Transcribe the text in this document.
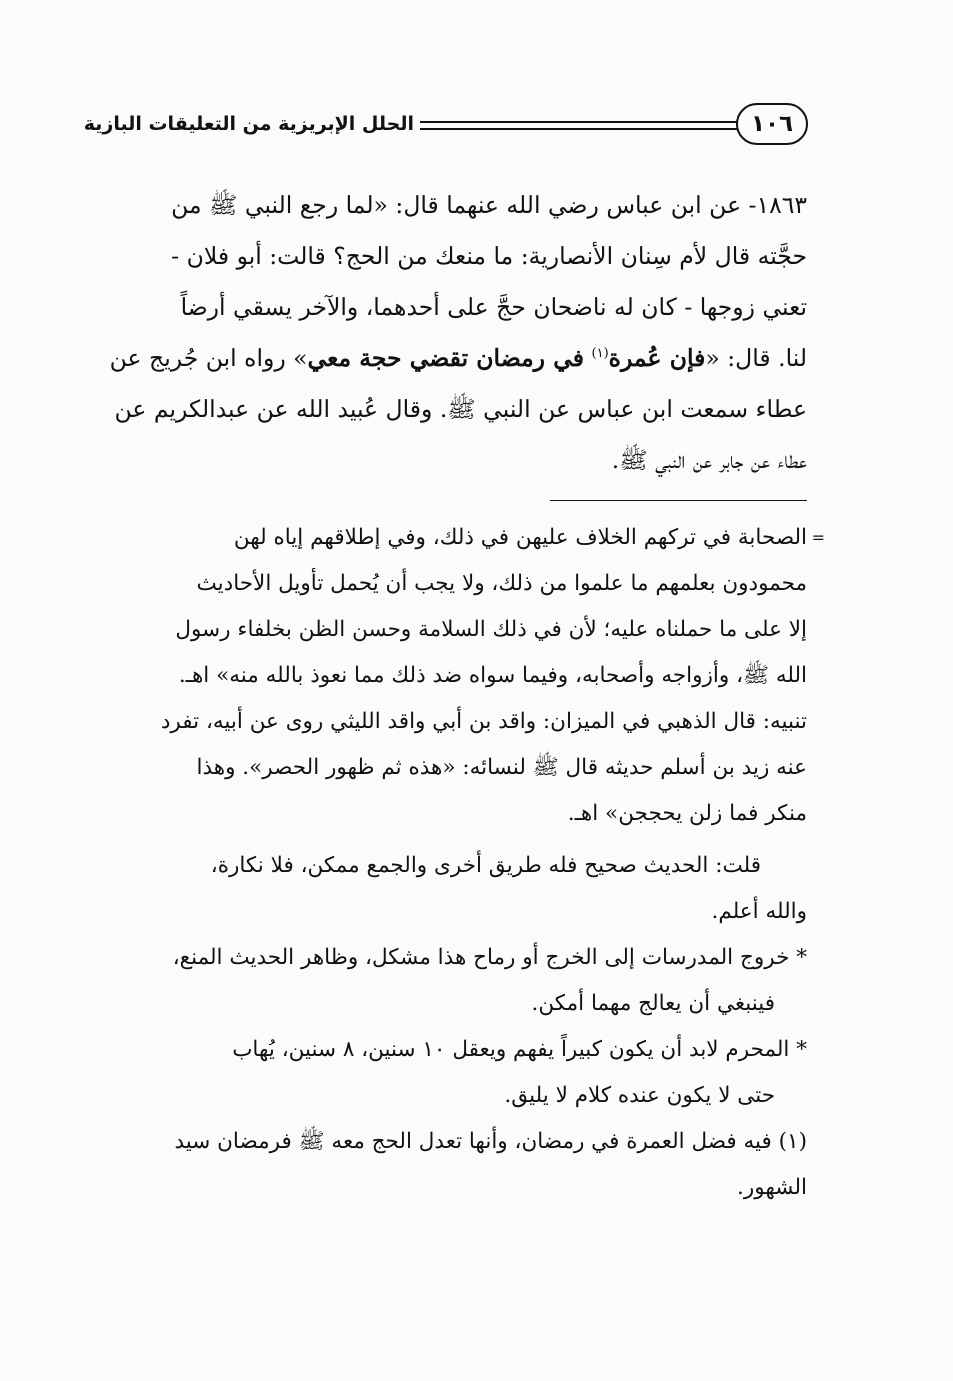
الحلل الإبريزية من التعليقات البازية	١٠٦
١٨٦٣- عن ابن عباس رضي الله عنهما قال: «لما رجع النبي ﷺ من
حجَّته قال لأم سِنان الأنصارية: ما منعك من الحج؟ قالت: أبو فلان -
تعني زوجها - كان له ناضحان حجَّ على أحدهما، والآخر يسقي أرضاً
لنا. قال: «فإن عُمرة$^{(١)}$ في رمضان تقضي حجة معي» رواه ابن جُريج عن
عطاء سمعت ابن عباس عن النبي ﷺ. وقال عُبيد الله عن عبدالكريم عن
عطاء عن جابر عن النبي ﷺ.
=
الصحابة في تركهم الخلاف عليهن في ذلك، وفي إطلاقهم إياه لهن
محمودون بعلمهم ما علموا من ذلك، ولا يجب أن يُحمل تأويل الأحاديث
إلا على ما حملناه عليه؛ لأن في ذلك السلامة وحسن الظن بخلفاء رسول
الله ﷺ، وأزواجه وأصحابه، وفيما سواه ضد ذلك مما نعوذ بالله منه» اهـ.
تنبيه: قال الذهبي في الميزان: واقد بن أبي واقد الليثي روى عن أبيه، تفرد
عنه زيد بن أسلم حديثه قال ﷺ لنسائه: «هذه ثم ظهور الحصر». وهذا
منكر فما زلن يحججن» اهـ.
قلت: الحديث صحيح فله طريق أخرى والجمع ممكن، فلا نكارة،
والله أعلم.
* خروج المدرسات إلى الخرج أو رماح هذا مشكل، وظاهر الحديث المنع،
فينبغي أن يعالج مهما أمكن.
* المحرم لابد أن يكون كبيراً يفهم ويعقل ١٠ سنين، ٨ سنين، يُهاب
حتى لا يكون عنده كلام لا يليق.
(١) فيه فضل العمرة في رمضان، وأنها تعدل الحج معه ﷺ فرمضان سيد
الشهور.
